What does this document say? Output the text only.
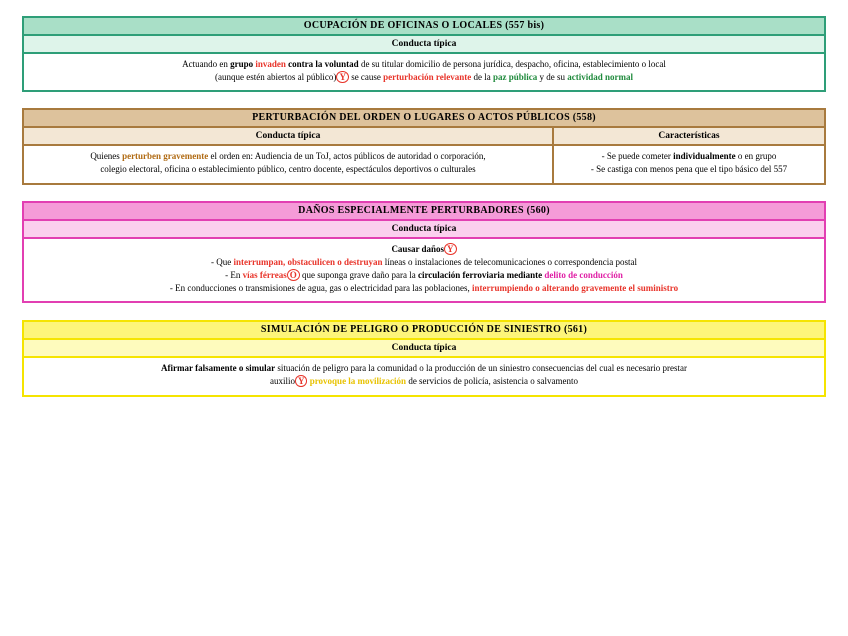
OCUPACIÓN DE OFICINAS O LOCALES (557 bis)
Conducta típica
Actuando en grupo invaden contra la voluntad de su titular domicilio de persona jurídica, despacho, oficina, establecimiento o local
(aunque estén abiertos al público) Y se cause perturbación relevante de la paz pública y de su actividad normal
PERTURBACIÓN DEL ORDEN O LUGARES O ACTOS PÚBLICOS (558)
Conducta típica
Quienes perturben gravemente el orden en: Audiencia de un ToJ, actos públicos de autoridad o corporación,
colegio electoral, oficina o establecimiento público, centro docente, espectáculos deportivos o culturales
Características
- Se puede cometer individualmente o en grupo
- Se castiga con menos pena que el tipo básico del 557
DAÑOS ESPECIALMENTE PERTURBADORES (560)
Conducta típica
Causar daños Y
- Que interrumpan, obstaculicen o destruyan líneas o instalaciones de telecomunicaciones o correspondencia postal
- En vías férreas O que suponga grave daño para la circulación ferroviaria mediante delito de conducción
- En conducciones o transmisiones de agua, gas o electricidad para las poblaciones, interrumpiendo o alterando gravemente el suministro
SIMULACIÓN DE PELIGRO O PRODUCCIÓN DE SINIESTRO (561)
Conducta típica
Afirmar falsamente o simular situación de peligro para la comunidad o la producción de un siniestro consecuencias del cual es necesario prestar
auxilio Y provoque la movilización de servicios de policía, asistencia o salvamento
